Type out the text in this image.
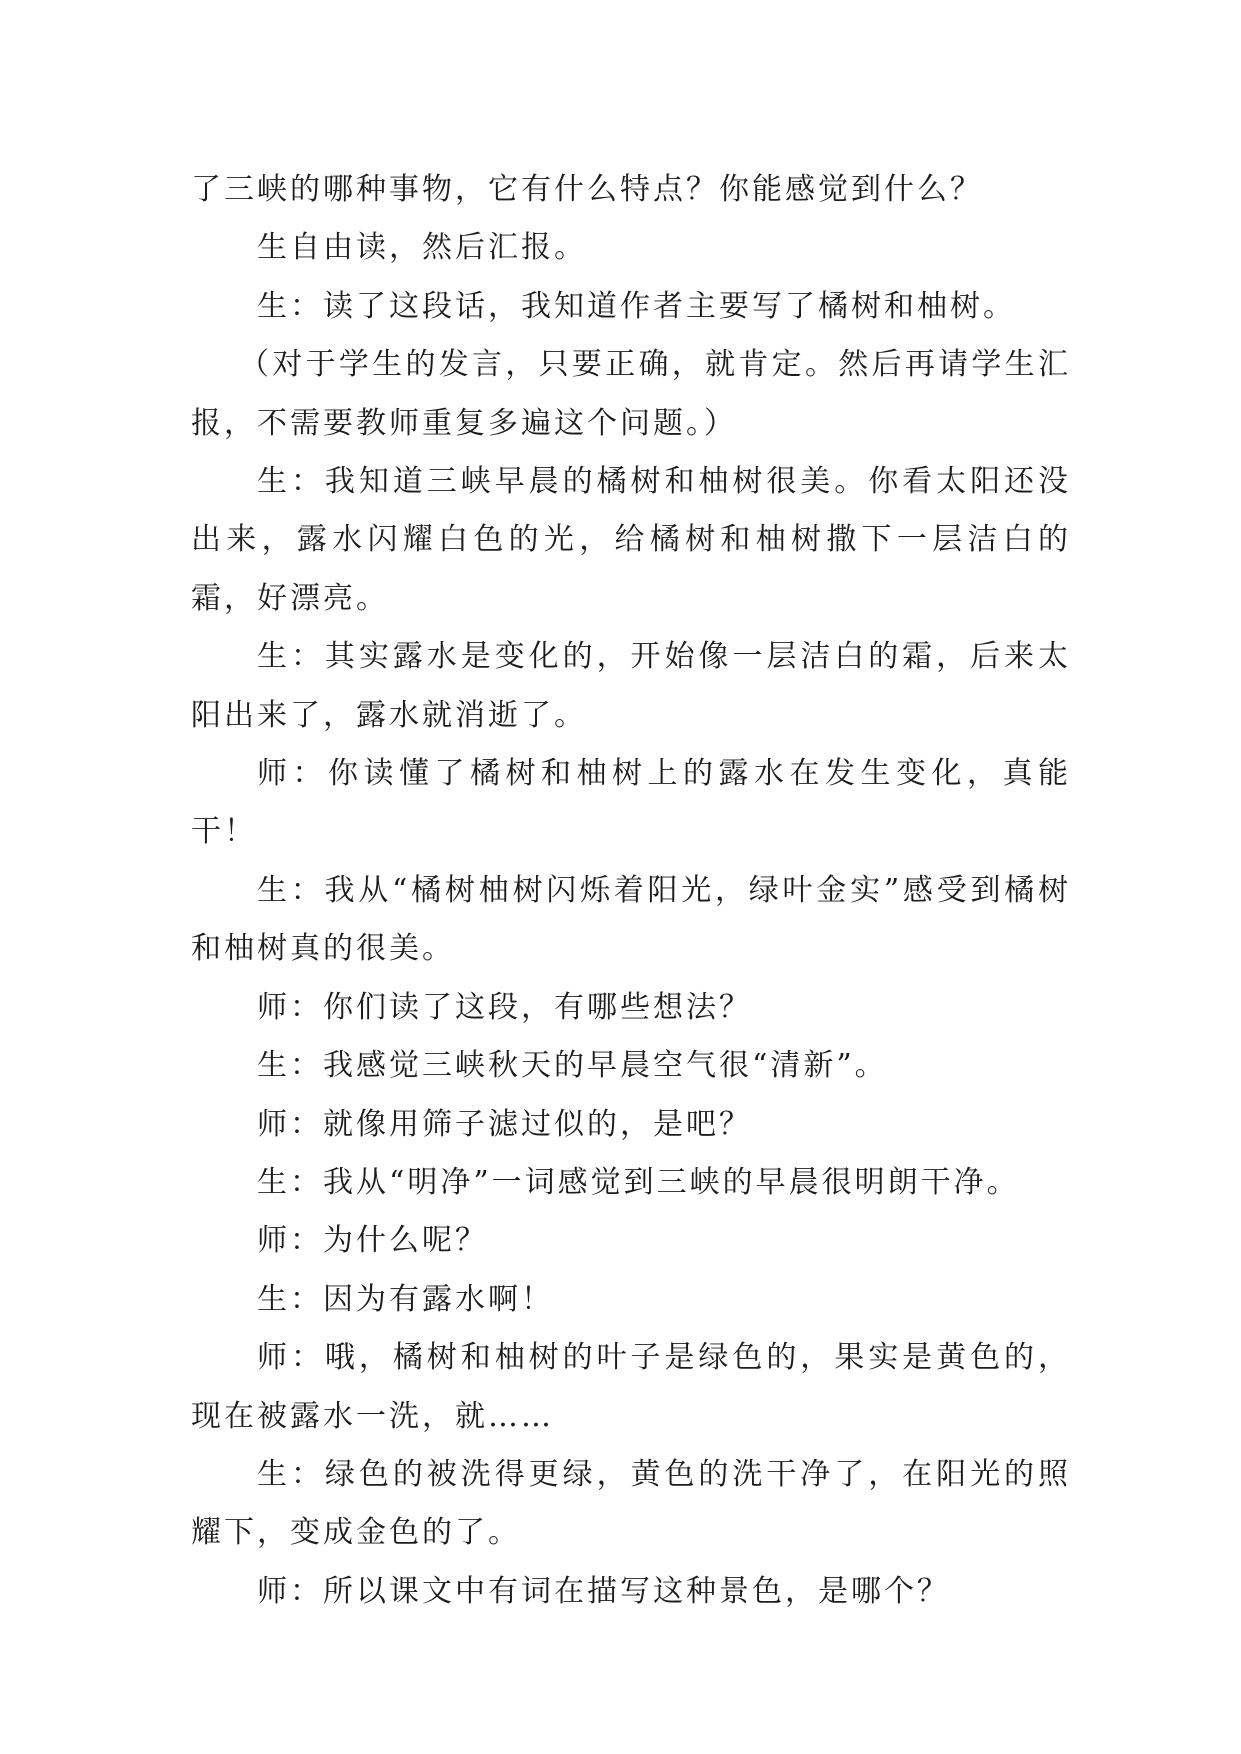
了三峡的哪种事物，它有什么特点？你能感觉到什么？

生自由读，然后汇报。

生：读了这段话，我知道作者主要写了橘树和柚树。

（对于学生的发言，只要正确，就肯定。然后再请学生汇报，不需要教师重复多遍这个问题。）

生：我知道三峡早晨的橘树和柚树很美。你看太阳还没出来，露水闪耀白色的光，给橘树和柚树撒下一层洁白的霜，好漂亮。

生：其实露水是变化的，开始像一层洁白的霜，后来太阳出来了，露水就消逝了。

师：你读懂了橘树和柚树上的露水在发生变化，真能干！

生：我从“橘树柚树闪烁着阳光，绿叶金实”感受到橘树和柚树真的很美。

师：你们读了这段，有哪些想法？

生：我感觉三峡秋天的早晨空气很“清新”。

师：就像用筛子滤过似的，是吧？

生：我从“明净”一词感觉到三峡的早晨很明朗干净。

师：为什么呢？

生：因为有露水啊！

师：哦，橘树和柚树的叶子是绿色的，果实是黄色的，现在被露水一洗，就……

生：绿色的被洗得更绿，黄色的洗干净了，在阳光的照耀下，变成金色的了。

师：所以课文中有词在描写这种景色，是哪个？
